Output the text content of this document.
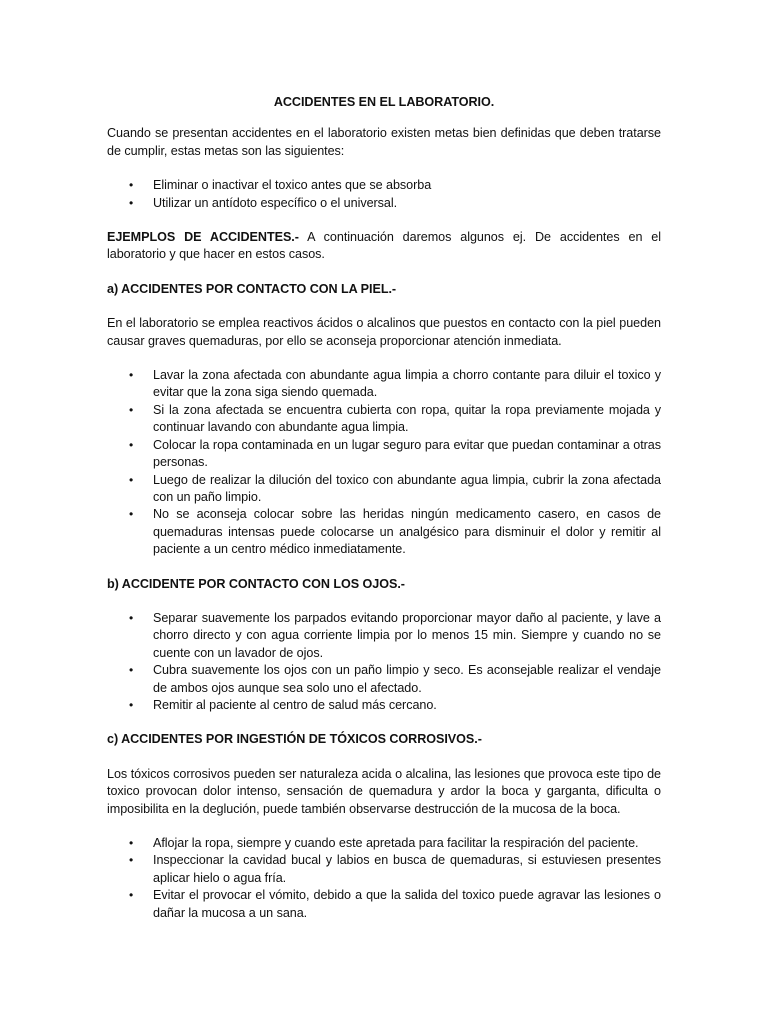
ACCIDENTES EN EL LABORATORIO.

Cuando se presentan accidentes en el laboratorio existen metas bien definidas que deben tratarse de cumplir, estas metas son las siguientes:

• Eliminar o inactivar el toxico antes que se absorba
• Utilizar un antídoto específico o el universal.

EJEMPLOS DE ACCIDENTES.- A continuación daremos algunos ej. De accidentes en el laboratorio y que hacer en estos casos.

a) ACCIDENTES POR CONTACTO CON LA PIEL.-

En el laboratorio se emplea reactivos ácidos o alcalinos que puestos en contacto con la piel pueden causar graves quemaduras, por ello se aconseja proporcionar atención inmediata.

• Lavar la zona afectada con abundante agua limpia a chorro contante para diluir el toxico y evitar que la zona siga siendo quemada.
• Si la zona afectada se encuentra cubierta con ropa, quitar la ropa previamente mojada y continuar lavando con abundante agua limpia.
• Colocar la ropa contaminada en un lugar seguro para evitar que puedan contaminar a otras personas.
• Luego de realizar la dilución del toxico con abundante agua limpia, cubrir la zona afectada con un paño limpio.
• No se aconseja colocar sobre las heridas ningún medicamento casero, en casos de quemaduras intensas puede colocarse un analgésico para disminuir el dolor y remitir al paciente a un centro médico inmediatamente.
b) ACCIDENTE POR CONTACTO CON LOS OJOS.-
• Separar suavemente los parpados evitando proporcionar mayor daño al paciente, y lave a chorro directo y con agua corriente limpia por lo menos 15 min. Siempre y cuando no se cuente con un lavador de ojos.
• Cubra suavemente los ojos con un paño limpio y seco. Es aconsejable realizar el vendaje de ambos ojos aunque sea solo uno el afectado.
• Remitir al paciente al centro de salud más cercano.
c) ACCIDENTES POR INGESTIÓN DE TÓXICOS CORROSIVOS.-

Los tóxicos corrosivos pueden ser naturaleza acida o alcalina, las lesiones que provoca este tipo de toxico provocan dolor intenso, sensación de quemadura y ardor la boca y garganta, dificulta o imposibilita en la deglución, puede también observarse destrucción de la mucosa de la boca.

• Aflojar la ropa, siempre y cuando este apretada para facilitar la respiración del paciente.
• Inspeccionar la cavidad bucal y labios en busca de quemaduras, si estuviesen presentes aplicar hielo o agua fría.
• Evitar el provocar el vómito, debido a que la salida del toxico puede agravar las lesiones o dañar la mucosa a un sana.
